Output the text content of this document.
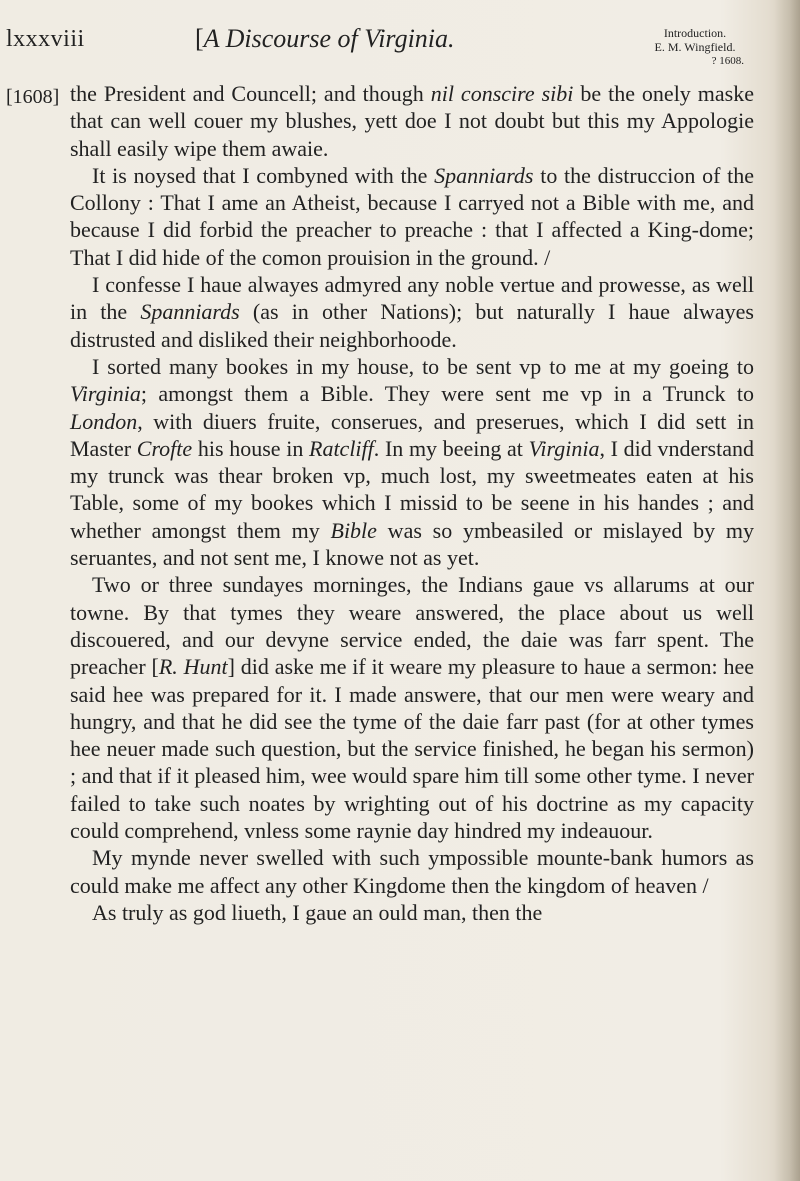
lxxxviii	[A Discourse of Virginia.	Introduction.
E. M. Wingfield.
? 1608.
[1608] the President and Councell; and though nil conscire sibi be the onely maske that can well couer my blushes, yett doe I not doubt but this my Appologie shall easily wipe them awaie.

It is noysed that I combyned with the Spanniards to the distruccion of the Collony : That I ame an Atheist, because I carryed not a Bible with me, and because I did forbid the preacher to preache : that I affected a King-dome; That I did hide of the comon prouision in the ground. /

I confesse I haue alwayes admyred any noble vertue and prowesse, as well in the Spanniards (as in other Nations); but naturally I haue alwayes distrusted and disliked their neighborhoode.

I sorted many bookes in my house, to be sent vp to me at my goeing to Virginia; amongst them a Bible. They were sent me vp in a Trunck to London, with diuers fruite, conserues, and preserues, which I did sett in Master Crofte his house in Ratcliff. In my beeing at Virginia, I did vnderstand my trunck was thear broken vp, much lost, my sweetmeates eaten at his Table, some of my bookes which I missid to be seene in his handes ; and whether amongst them my Bible was so ymbeasiled or mislayed by my seruantes, and not sent me, I knowe not as yet.

Two or three sundayes morninges, the Indians gaue vs allarums at our towne. By that tymes they weare answered, the place about us well discouered, and our devyne service ended, the daie was farr spent. The preacher [R. Hunt] did aske me if it weare my pleasure to haue a sermon: hee said hee was prepared for it. I made answere, that our men were weary and hungry, and that he did see the tyme of the daie farr past (for at other tymes hee neuer made such question, but the service finished, he began his sermon) ; and that if it pleased him, wee would spare him till some other tyme. I never failed to take such noates by wrighting out of his doctrine as my capacity could comprehend, vnless some raynie day hindred my indeauour.

My mynde never swelled with such ympossible mounte-bank humors as could make me affect any other Kingdome then the kingdom of heaven /

As truly as god liueth, I gaue an ould man, then the
